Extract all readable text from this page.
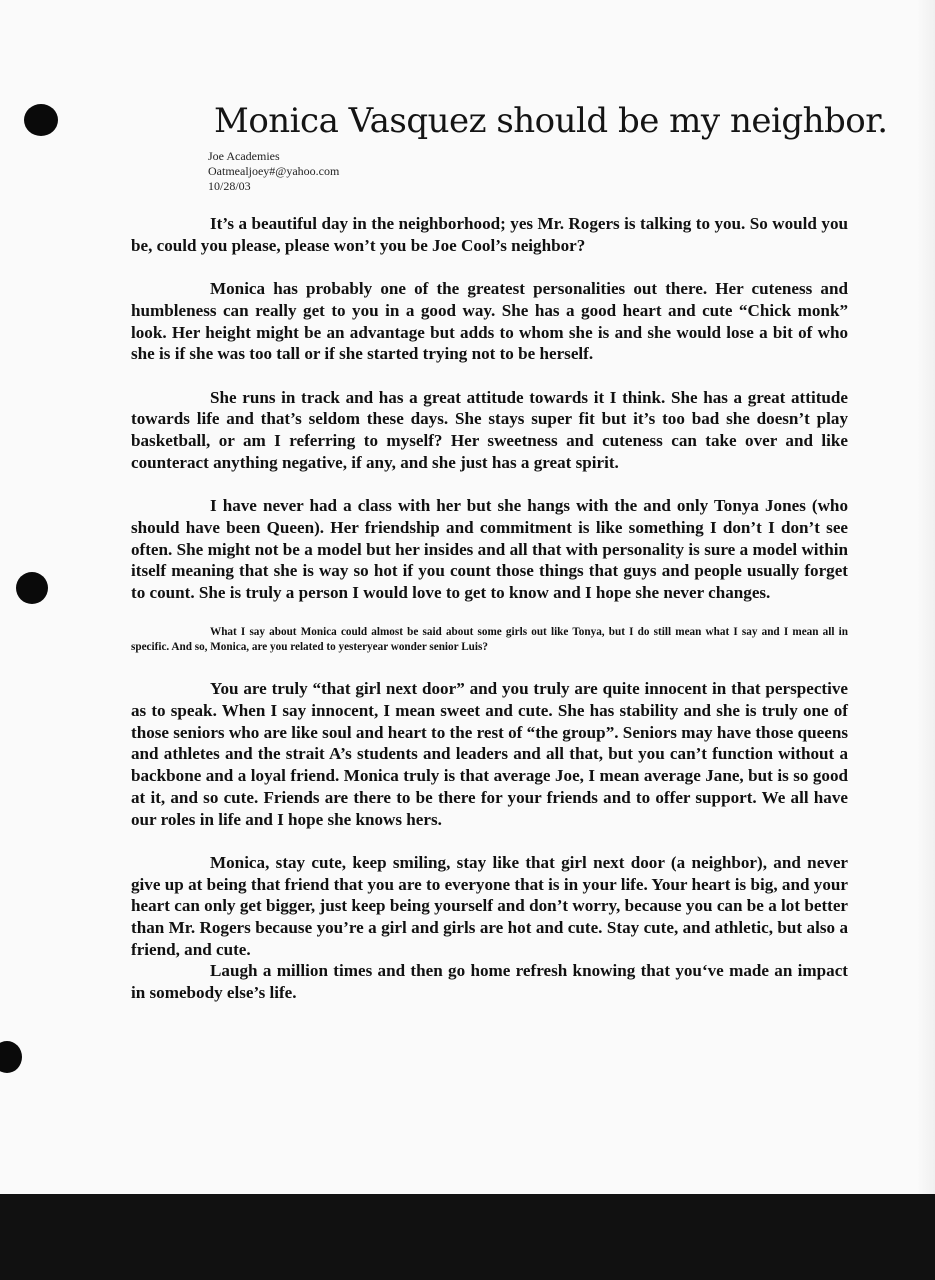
Monica Vasquez should be my neighbor.
Joe Academies
Oatmealjoey#@yahoo.com
10/28/03

It’s a beautiful day in the neighborhood; yes Mr. Rogers is talking to you. So would you be, could you please, please won’t you be Joe Cool’s neighbor?

Monica has probably one of the greatest personalities out there. Her cuteness and humbleness can really get to you in a good way. She has a good heart and cute “Chick monk” look. Her height might be an advantage but adds to whom she is and she would lose a bit of who she is if she was too tall or if she started trying not to be herself.

She runs in track and has a great attitude towards it I think. She has a great attitude towards life and that’s seldom these days. She stays super fit but it’s too bad she doesn’t play basketball, or am I referring to myself? Her sweetness and cuteness can take over and like counteract anything negative, if any, and she just has a great spirit.

I have never had a class with her but she hangs with the and only Tonya Jones (who should have been Queen). Her friendship and commitment is like something I don’t I don’t see often. She might not be a model but her insides and all that with personality is sure a model within itself meaning that she is way so hot if you count those things that guys and people usually forget to count. She is truly a person I would love to get to know and I hope she never changes.

What I say about Monica could almost be said about some girls out like Tonya, but I do still mean what I say and I mean all in specific. And so, Monica, are you related to yesteryear wonder senior Luis?

You are truly “that girl next door” and you truly are quite innocent in that perspective as to speak. When I say innocent, I mean sweet and cute. She has stability and she is truly one of those seniors who are like soul and heart to the rest of “the group”. Seniors may have those queens and athletes and the strait A’s students and leaders and all that, but you can’t function without a backbone and a loyal friend. Monica truly is that average Joe, I mean average Jane, but is so good at it, and so cute. Friends are there to be there for your friends and to offer support. We all have our roles in life and I hope she knows hers.

Monica, stay cute, keep smiling, stay like that girl next door (a neighbor), and never give up at being that friend that you are to everyone that is in your life. Your heart is big, and your heart can only get bigger, just keep being yourself and don’t worry, because you can be a lot better than Mr. Rogers because you’re a girl and girls are hot and cute. Stay cute, and athletic, but also a friend, and cute.

Laugh a million times and then go home refresh knowing that you‘ve made an impact in somebody else’s life.
